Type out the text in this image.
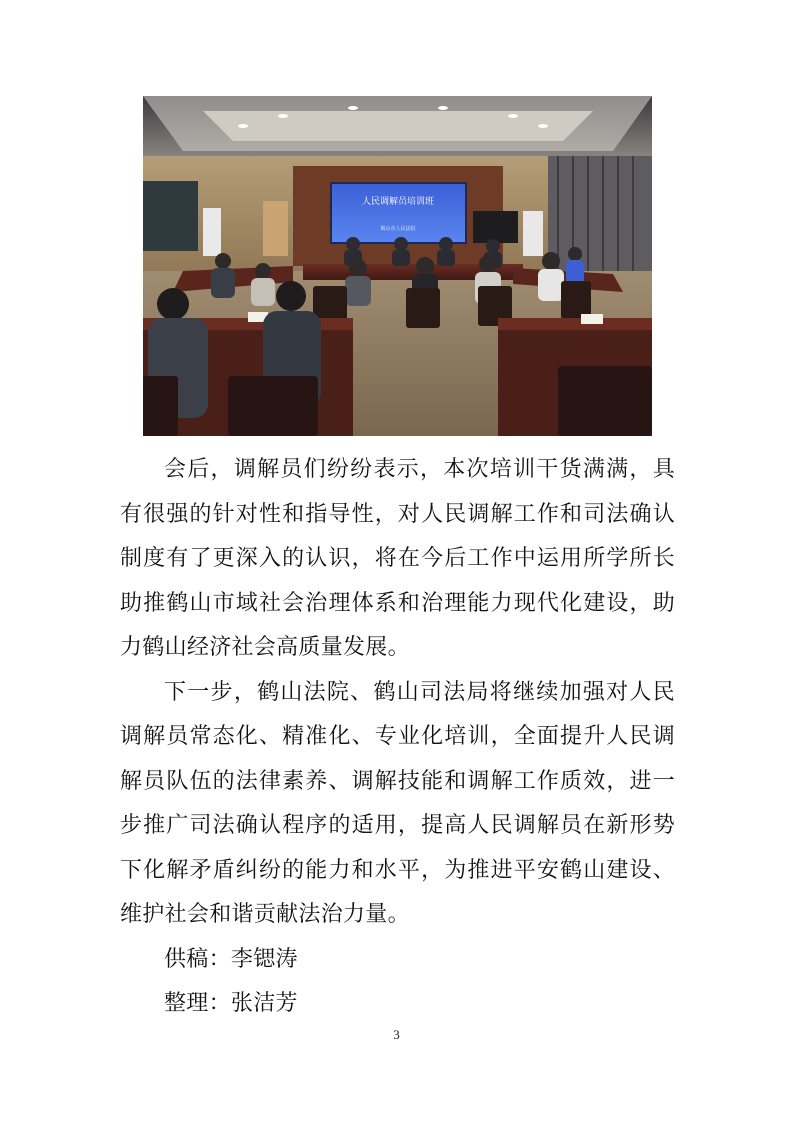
人民调解员培训班
鹤山市人民法院

会后，调解员们纷纷表示，本次培训干货满满，具有很强的针对性和指导性，对人民调解工作和司法确认制度有了更深入的认识，将在今后工作中运用所学所长助推鹤山市域社会治理体系和治理能力现代化建设，助力鹤山经济社会高质量发展。

下一步，鹤山法院、鹤山司法局将继续加强对人民调解员常态化、精准化、专业化培训，全面提升人民调解员队伍的法律素养、调解技能和调解工作质效，进一步推广司法确认程序的适用，提高人民调解员在新形势下化解矛盾纠纷的能力和水平，为推进平安鹤山建设、维护社会和谐贡献法治力量。

供稿：李锶涛

整理：张洁芳

3
